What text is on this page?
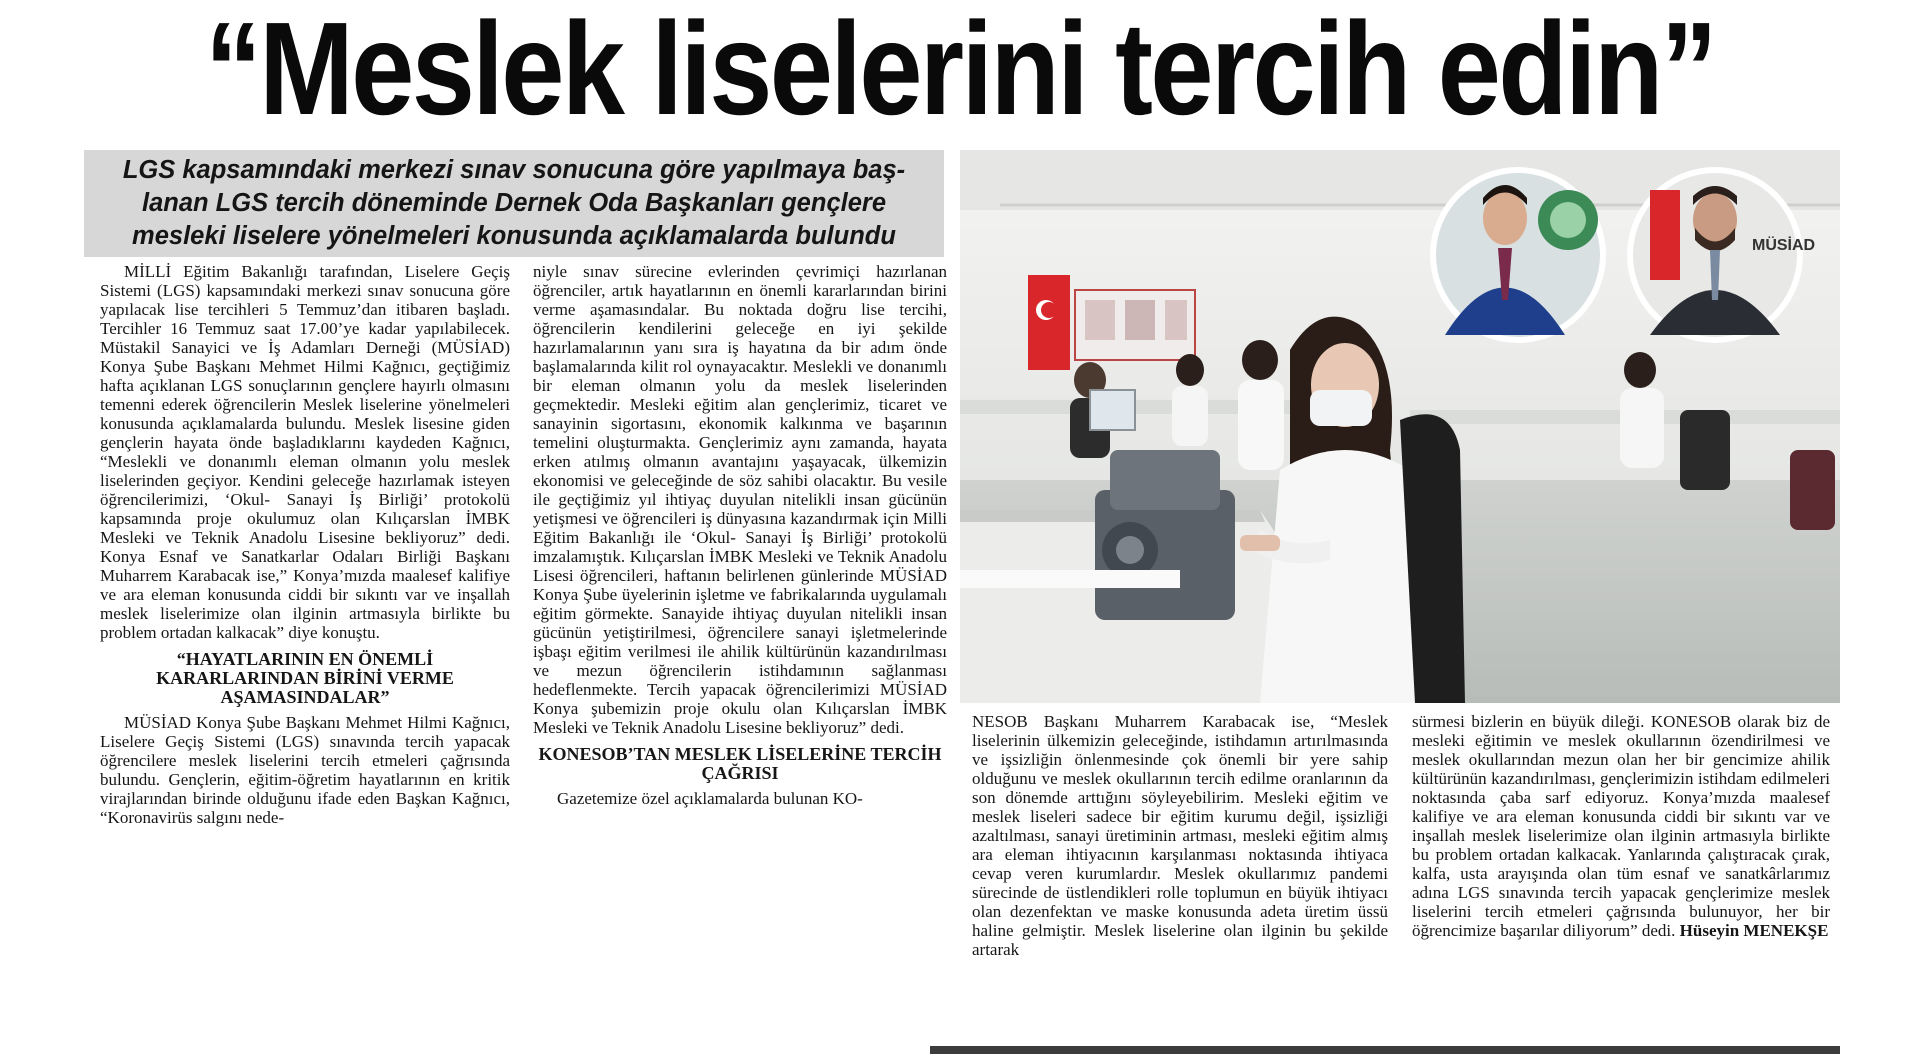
“Meslek liselerini tercih edin”

LGS kapsamındaki merkezi sınav sonucuna göre yapılmaya baş-lanan LGS tercih döneminde Dernek Oda Başkanları gençlere mesleki liselere yönelmeleri konusunda açıklamalarda bulundu

MİLLİ Eğitim Bakanlığı tarafından, Liselere Geçiş Sistemi (LGS) kapsamındaki merkezi sınav sonucuna göre yapılacak lise tercihleri 5 Temmuz’dan itibaren başladı. Tercihler 16 Temmuz saat 17.00’ye kadar yapılabilecek. Müstakil Sanayici ve İş Adamları Derneği (MÜSİAD) Konya Şube Başkanı Mehmet Hilmi Kağnıcı, geçtiğimiz hafta açıklanan LGS sonuçlarının gençlere hayırlı olmasını temenni ederek öğrencilerin Meslek liselerine yönelmeleri konusunda açıklamalarda bulundu. Meslek lisesine giden gençlerin hayata önde başladıklarını kaydeden Kağnıcı, “Meslekli ve donanımlı eleman olmanın yolu meslek liselerinden geçiyor. Kendini geleceğe hazırlamak isteyen öğrencilerimizi, ‘Okul- Sanayi İş Birliği’ protokolü kapsamında proje okulumuz olan Kılıçarslan İMBK Mesleki ve Teknik Anadolu Lisesine bekliyoruz” dedi. Konya Esnaf ve Sanatkarlar Odaları Birliği Başkanı Muharrem Karabacak ise,” Konya’mızda maalesef kalifiye ve ara eleman konusunda ciddi bir sıkıntı var ve inşallah meslek liselerimize olan ilginin artmasıyla birlikte bu problem ortadan kalkacak” diye konuştu.

“HAYATLARININ EN ÖNEMLİ KARARLARINDAN BİRİNİ VERME AŞAMASINDALAR”

MÜSİAD Konya Şube Başkanı Mehmet Hilmi Kağnıcı, Liselere Geçiş Sistemi (LGS) sınavında tercih yapacak öğrencilere meslek liselerini tercih etmeleri çağrısında bulundu. Gençlerin, eğitim-öğretim hayatlarının en kritik virajlarından birinde olduğunu ifade eden Başkan Kağnıcı, “Koronavirüs salgını nede-

niyle sınav sürecine evlerinden çevrimiçi hazırlanan öğrenciler, artık hayatlarının en önemli kararlarından birini verme aşamasındalar. Bu noktada doğru lise tercihi, öğrencilerin kendilerini geleceğe en iyi şekilde hazırlamalarının yanı sıra iş hayatına da bir adım önde başlamalarında kilit rol oynayacaktır. Meslekli ve donanımlı bir eleman olmanın yolu da meslek liselerinden geçmektedir. Mesleki eğitim alan gençlerimiz, ticaret ve sanayinin sigortasını, ekonomik kalkınma ve başarının temelini oluşturmakta. Gençlerimiz aynı zamanda, hayata erken atılmış olmanın avantajını yaşayacak, ülkemizin ekonomisi ve geleceğinde de söz sahibi olacaktır. Bu vesile ile geçtiğimiz yıl ihtiyaç duyulan nitelikli insan gücünün yetişmesi ve öğrencileri iş dünyasına kazandırmak için Milli Eğitim Bakanlığı ile ‘Okul- Sanayi İş Birliği’ protokolü imzalamıştık. Kılıçarslan İMBK Mesleki ve Teknik Anadolu Lisesi öğrencileri, haftanın belirlenen günlerinde MÜSİAD Konya Şube üyelerinin işletme ve fabrikalarında uygulamalı eğitim görmekte. Sanayide ihtiyaç duyulan nitelikli insan gücünün yetiştirilmesi, öğrencilere sanayi işletmelerinde işbaşı eğitim verilmesi ile ahilik kültürünün kazandırılması ve mezun öğrencilerin istihdamının sağlanması hedeflenmekte. Tercih yapacak öğrencilerimizi MÜSİAD Konya şubemizin proje okulu olan Kılıçarslan İMBK Mesleki ve Teknik Anadolu Lisesine bekliyoruz” dedi.

KONESOB’TAN MESLEK LİSELERİNE TERCİH ÇAĞRISI

Gazetemize özel açıklamalarda bulunan KO-

MÜSİAD

NESOB Başkanı Muharrem Karabacak ise, “Meslek liselerinin ülkemizin geleceğinde, istihdamın artırılmasında ve işsizliğin önlenmesinde çok önemli bir yere sahip olduğunu ve meslek okullarının tercih edilme oranlarının da son dönemde arttığını söyleyebilirim. Mesleki eğitim ve meslek liseleri sadece bir eğitim kurumu değil, işsizliği azaltılması, sanayi üretiminin artması, mesleki eğitim almış ara eleman ihtiyacının karşılanması noktasında ihtiyaca cevap veren kurumlardır. Meslek okullarımız pandemi sürecinde de üstlendikleri rolle toplumun en büyük ihtiyacı olan dezenfektan ve maske konusunda adeta üretim üssü haline gelmiştir. Meslek liselerine olan ilginin bu şekilde artarak

sürmesi bizlerin en büyük dileği. KONESOB olarak biz de mesleki eğitimin ve meslek okullarının özendirilmesi ve meslek okullarından mezun olan her bir gencimize ahilik kültürünün kazandırılması, gençlerimizin istihdam edilmeleri noktasında çaba sarf ediyoruz. Konya’mızda maalesef kalifiye ve ara eleman konusunda ciddi bir sıkıntı var ve inşallah meslek liselerimize olan ilginin artmasıyla birlikte bu problem ortadan kalkacak. Yanlarında çalıştıracak çırak, kalfa, usta arayışında olan tüm esnaf ve sanatkârlarımız adına LGS sınavında tercih yapacak gençlerimize meslek liselerini tercih etmeleri çağrısında bulunuyor, her bir öğrencimize başarılar diliyorum” dedi. Hüseyin MENEKŞE
